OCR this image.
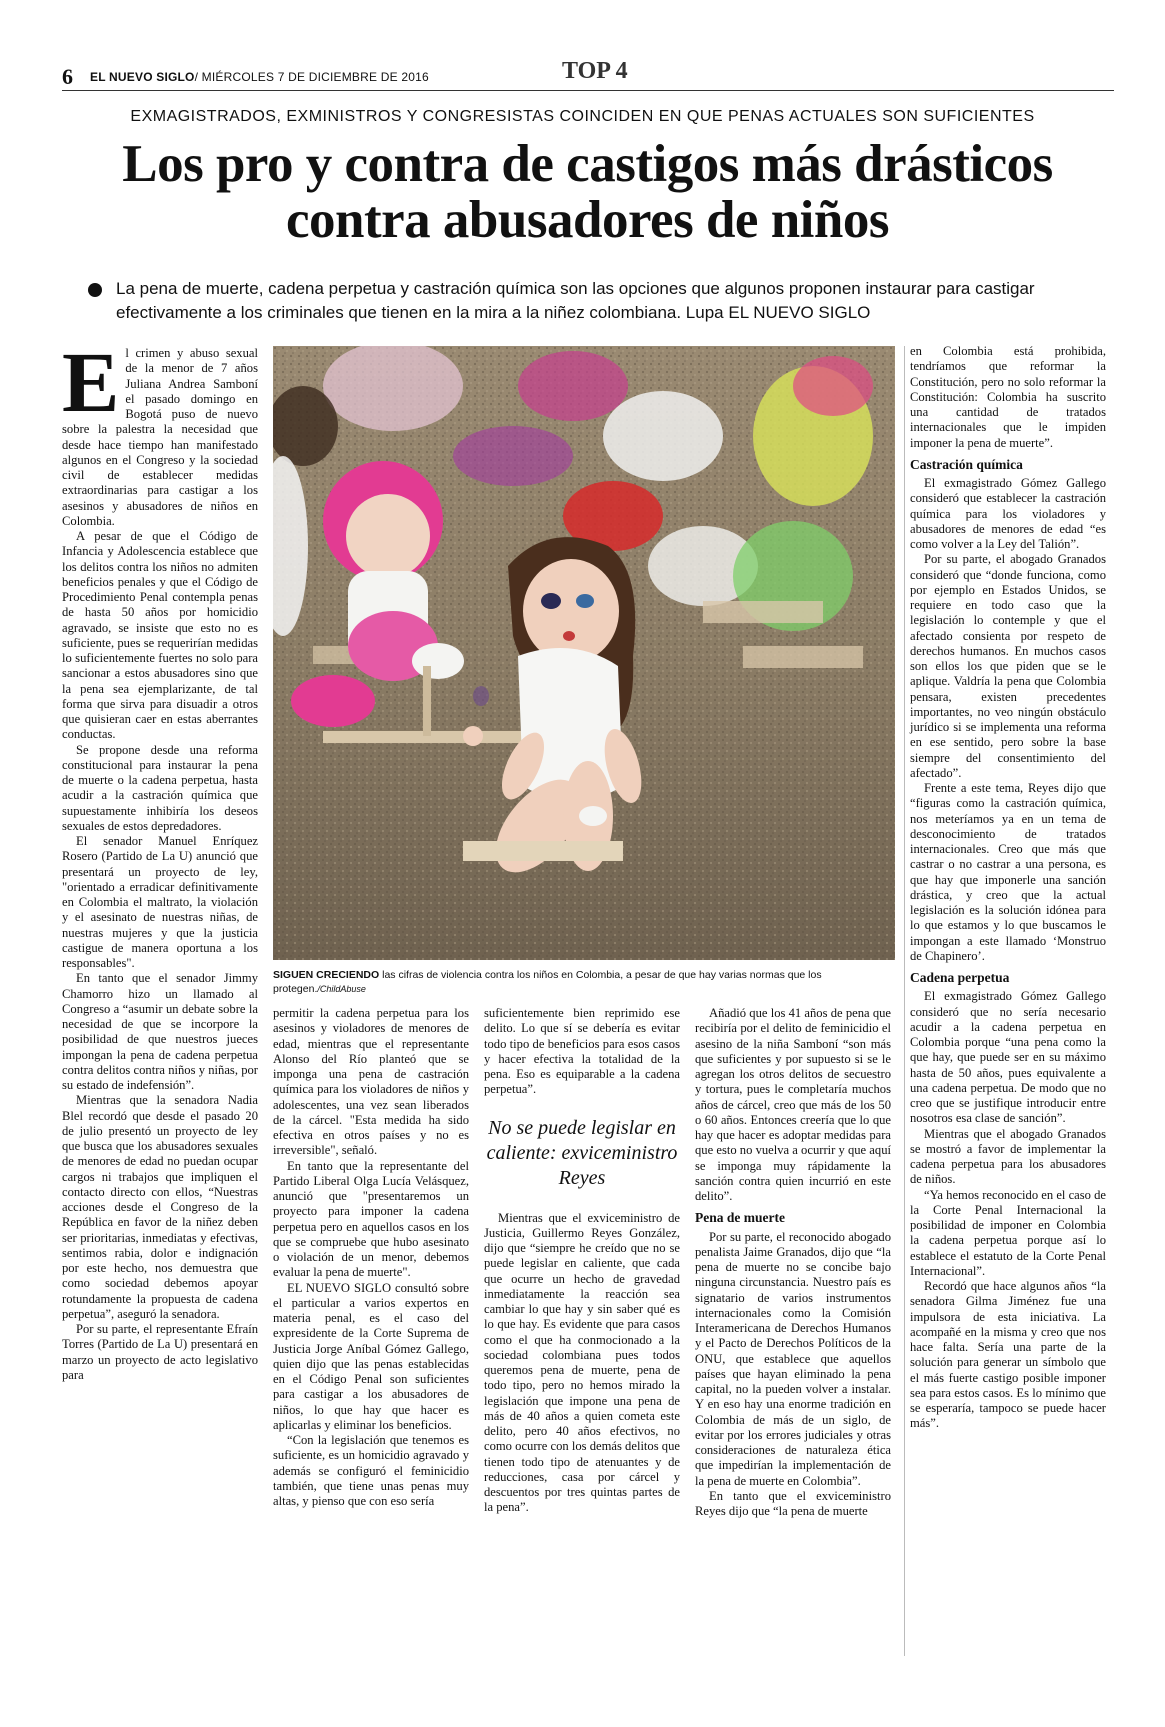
6 EL NUEVO SIGLO/ MIÉRCOLES 7 DE DICIEMBRE DE 2016	TOP 4
EXMAGISTRADOS, EXMINISTROS Y CONGRESISTAS COINCIDEN EN QUE PENAS ACTUALES SON SUFICIENTES
Los pro y contra de castigos más drásticos contra abusadores de niños
La pena de muerte, cadena perpetua y castración química son las opciones que algunos proponen instaurar para castigar efectivamente a los criminales que tienen en la mira a la niñez colombiana. Lupa EL NUEVO SIGLO

El crimen y abuso sexual de la menor de 7 años Juliana Andrea Samboní el pasado domingo en Bogotá puso de nuevo sobre la palestra la necesidad que desde hace tiempo han manifestado algunos en el Congreso y la sociedad civil de establecer medidas extraordinarias para castigar a los asesinos y abusadores de niños en Colombia.

A pesar de que el Código de Infancia y Adolescencia establece que los delitos contra los niños no admiten beneficios penales y que el Código de Procedimiento Penal contempla penas de hasta 50 años por homicidio agravado, se insiste que esto no es suficiente, pues se requerirían medidas lo suficientemente fuertes no solo para sancionar a estos abusadores sino que la pena sea ejemplarizante, de tal forma que sirva para disuadir a otros que quisieran caer en estas aberrantes conductas.

Se propone desde una reforma constitucional para instaurar la pena de muerte o la cadena perpetua, hasta acudir a la castración química que supuestamente inhibiría los deseos sexuales de estos depredadores.

El senador Manuel Enríquez Rosero (Partido de La U) anunció que presentará un proyecto de ley, "orientado a erradicar definitivamente en Colombia el maltrato, la violación y el asesinato de nuestras niñas, de nuestras mujeres y que la justicia castigue de manera oportuna a los responsables".

En tanto que el senador Jimmy Chamorro hizo un llamado al Congreso a “asumir un debate sobre la necesidad de que se incorpore la posibilidad de que nuestros jueces impongan la pena de cadena perpetua contra delitos contra niños y niñas, por su estado de indefensión”.

Mientras que la senadora Nadia Blel recordó que desde el pasado 20 de julio presentó un proyecto de ley que busca que los abusadores sexuales de menores de edad no puedan ocupar cargos ni trabajos que impliquen el contacto directo con ellos, “Nuestras acciones desde el Congreso de la República en favor de la niñez deben ser prioritarias, inmediatas y efectivas, sentimos rabia, dolor e indignación por este hecho, nos demuestra que como sociedad debemos apoyar rotundamente la propuesta de cadena perpetua”, aseguró la senadora.

Por su parte, el representante Efraín Torres (Partido de La U) presentará en marzo un proyecto de acto legislativo para

SIGUEN CRECIENDO las cifras de violencia contra los niños en Colombia, a pesar de que hay varias normas que los protegen./ChildAbuse

permitir la cadena perpetua para los asesinos y violadores de menores de edad, mientras que el representante Alonso del Río planteó que se imponga una pena de castración química para los violadores de niños y adolescentes, una vez sean liberados de la cárcel. "Esta medida ha sido efectiva en otros países y no es irreversible", señaló.

En tanto que la representante del Partido Liberal Olga Lucía Velásquez, anunció que "presentaremos un proyecto para imponer la cadena perpetua pero en aquellos casos en los que se compruebe que hubo asesinato o violación de un menor, debemos evaluar la pena de muerte".

EL NUEVO SIGLO consultó sobre el particular a varios expertos en materia penal, es el caso del expresidente de la Corte Suprema de Justicia Jorge Aníbal Gómez Gallego, quien dijo que las penas establecidas en el Código Penal son suficientes para castigar a los abusadores de niños, lo que hay que hacer es aplicarlas y eliminar los beneficios.

“Con la legislación que tenemos es suficiente, es un homicidio agravado y además se configuró el feminicidio también, que tiene unas penas muy altas, y pienso que con eso sería

suficientemente bien reprimido ese delito. Lo que sí se debería es evitar todo tipo de beneficios para esos casos y hacer efectiva la totalidad de la pena. Eso es equiparable a la cadena perpetua”.

No se puede legislar en caliente: exviceministro Reyes

Mientras que el exviceministro de Justicia, Guillermo Reyes González, dijo que “siempre he creído que no se puede legislar en caliente, que cada que ocurre un hecho de gravedad inmediatamente la reacción sea cambiar lo que hay y sin saber qué es lo que hay. Es evidente que para casos como el que ha conmocionado a la sociedad colombiana pues todos queremos pena de muerte, pena de todo tipo, pero no hemos mirado la legislación que impone una pena de más de 40 años a quien cometa este delito, pero 40 años efectivos, no como ocurre con los demás delitos que tienen todo tipo de atenuantes y de reducciones, casa por cárcel y descuentos por tres quintas partes de la pena”.

Añadió que los 41 años de pena que recibiría por el delito de feminicidio el asesino de la niña Samboní “son más que suficientes y por supuesto si se le agregan los otros delitos de secuestro y tortura, pues le completaría muchos años de cárcel, creo que más de los 50 o 60 años. Entonces creería que lo que hay que hacer es adoptar medidas para que esto no vuelva a ocurrir y que aquí se imponga muy rápidamente la sanción contra quien incurrió en este delito”.

Pena de muerte

Por su parte, el reconocido abogado penalista Jaime Granados, dijo que “la pena de muerte no se concibe bajo ninguna circunstancia. Nuestro país es signatario de varios instrumentos internacionales como la Comisión Interamericana de Derechos Humanos y el Pacto de Derechos Políticos de la ONU, que establece que aquellos países que hayan eliminado la pena capital, no la pueden volver a instalar. Y en eso hay una enorme tradición en Colombia de más de un siglo, de evitar por los errores judiciales y otras consideraciones de naturaleza ética que impedirían la implementación de la pena de muerte en Colombia”.

En tanto que el exviceministro Reyes dijo que “la pena de muerte

en Colombia está prohibida, tendríamos que reformar la Constitución, pero no solo reformar la Constitución: Colombia ha suscrito una cantidad de tratados internacionales que le impiden imponer la pena de muerte”.

Castración química

El exmagistrado Gómez Gallego consideró que establecer la castración química para los violadores y abusadores de menores de edad “es como volver a la Ley del Talión”.

Por su parte, el abogado Granados consideró que “donde funciona, como por ejemplo en Estados Unidos, se requiere en todo caso que la legislación lo contemple y que el afectado consienta por respeto de derechos humanos. En muchos casos son ellos los que piden que se le aplique. Valdría la pena que Colombia pensara, existen precedentes importantes, no veo ningún obstáculo jurídico si se implementa una reforma en ese sentido, pero sobre la base siempre del consentimiento del afectado”.

Frente a este tema, Reyes dijo que “figuras como la castración química, nos meteríamos ya en un tema de desconocimiento de tratados internacionales. Creo que más que castrar o no castrar a una persona, es que hay que imponerle una sanción drástica, y creo que la actual legislación es la solución idónea para lo que estamos y lo que buscamos le impongan a este llamado ‘Monstruo de Chapinero’.

Cadena perpetua

El exmagistrado Gómez Gallego consideró que no sería necesario acudir a la cadena perpetua en Colombia porque “una pena como la que hay, que puede ser en su máximo hasta de 50 años, pues equivalente a una cadena perpetua. De modo que no creo que se justifique introducir entre nosotros esa clase de sanción”.

Mientras que el abogado Granados se mostró a favor de implementar la cadena perpetua para los abusadores de niños.

“Ya hemos reconocido en el caso de la Corte Penal Internacional la posibilidad de imponer en Colombia la cadena perpetua porque así lo establece el estatuto de la Corte Penal Internacional”.

Recordó que hace algunos años “la senadora Gilma Jiménez fue una impulsora de esta iniciativa. La acompañé en la misma y creo que nos hace falta. Sería una parte de la solución para generar un símbolo que el más fuerte castigo posible imponer sea para estos casos. Es lo mínimo que se esperaría, tampoco se puede hacer más”.
